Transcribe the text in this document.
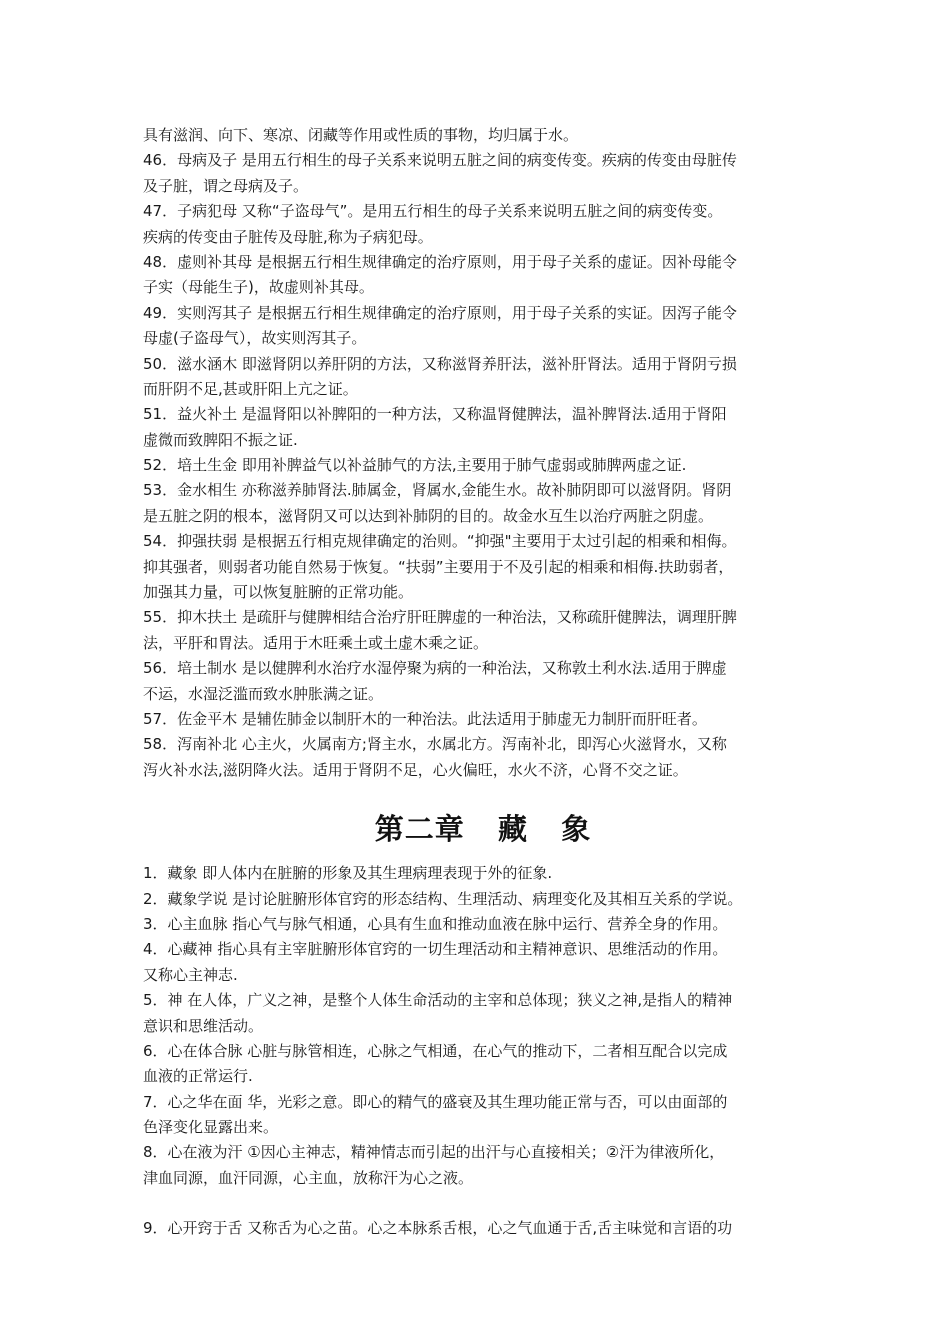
具有滋润、向下、寒凉、闭藏等作用或性质的事物，均归属于水。
46．母病及子 是用五行相生的母子关系来说明五脏之间的病变传变。疾病的传变由母脏传
及子脏，谓之母病及子。
47．子病犯母 又称“子盗母气”。是用五行相生的母子关系来说明五脏之间的病变传变。
疾病的传变由子脏传及母脏,称为子病犯母。
48．虚则补其母 是根据五行相生规律确定的治疗原则，用于母子关系的虚证。因补母能令
子实（母能生子)，故虚则补其母。
49．实则泻其子 是根据五行相生规律确定的治疗原则，用于母子关系的实证。因泻子能令
母虚(子盗母气），故实则泻其子。
50．滋水涵木 即滋肾阴以养肝阴的方法，又称滋肾养肝法，滋补肝肾法。适用于肾阴亏损
而肝阴不足,甚或肝阳上亢之证。
51．益火补土 是温肾阳以补脾阳的一种方法，又称温肾健脾法，温补脾肾法.适用于肾阳
虚微而致脾阳不振之证.
52．培土生金 即用补脾益气以补益肺气的方法,主要用于肺气虚弱或肺脾两虚之证.
53．金水相生 亦称滋养肺肾法.肺属金，肾属水,金能生水。故补肺阴即可以滋肾阴。肾阴
是五脏之阴的根本，滋肾阴又可以达到补肺阴的目的。故金水互生以治疗两脏之阴虚。
54．抑强扶弱 是根据五行相克规律确定的治则。“抑强"主要用于太过引起的相乘和相侮。
抑其强者，则弱者功能自然易于恢复。“扶弱”主要用于不及引起的相乘和相侮.扶助弱者，
加强其力量，可以恢复脏腑的正常功能。
55．抑木扶土 是疏肝与健脾相结合治疗肝旺脾虚的一种治法，又称疏肝健脾法，调理肝脾
法，平肝和胃法。适用于木旺乘土或土虚木乘之证。
56．培土制水 是以健脾利水治疗水湿停聚为病的一种治法，又称敦土利水法.适用于脾虚
不运，水湿泛滥而致水肿胀满之证。
57．佐金平木 是辅佐肺金以制肝木的一种治法。此法适用于肺虚无力制肝而肝旺者。
58．泻南补北 心主火，火属南方;肾主水，水属北方。泻南补北，即泻心火滋肾水，又称
泻火补水法,滋阴降火法。适用于肾阴不足，心火偏旺，水火不济，心肾不交之证。
第二章   藏   象
1．藏象 即人体内在脏腑的形象及其生理病理表现于外的征象.
2．藏象学说 是讨论脏腑形体官窍的形态结构、生理活动、病理变化及其相互关系的学说。
3．心主血脉 指心气与脉气相通，心具有生血和推动血液在脉中运行、营养全身的作用。
4．心藏神 指心具有主宰脏腑形体官窍的一切生理活动和主精神意识、思维活动的作用。
又称心主神志.
5．神 在人体，广义之神，是整个人体生命活动的主宰和总体现；狭义之神,是指人的精神
意识和思维活动。
6．心在体合脉 心脏与脉管相连，心脉之气相通，在心气的推动下，二者相互配合以完成
血液的正常运行.
7．心之华在面 华，光彩之意。即心的精气的盛衰及其生理功能正常与否，可以由面部的
色泽变化显露出来。
8．心在液为汗 ①因心主神志，精神情志而引起的出汗与心直接相关；②汗为律液所化，
津血同源，血汗同源，心主血，放称汗为心之液。
9．心开窍于舌 又称舌为心之苗。心之本脉系舌根，心之气血通于舌,舌主味觉和言语的功
